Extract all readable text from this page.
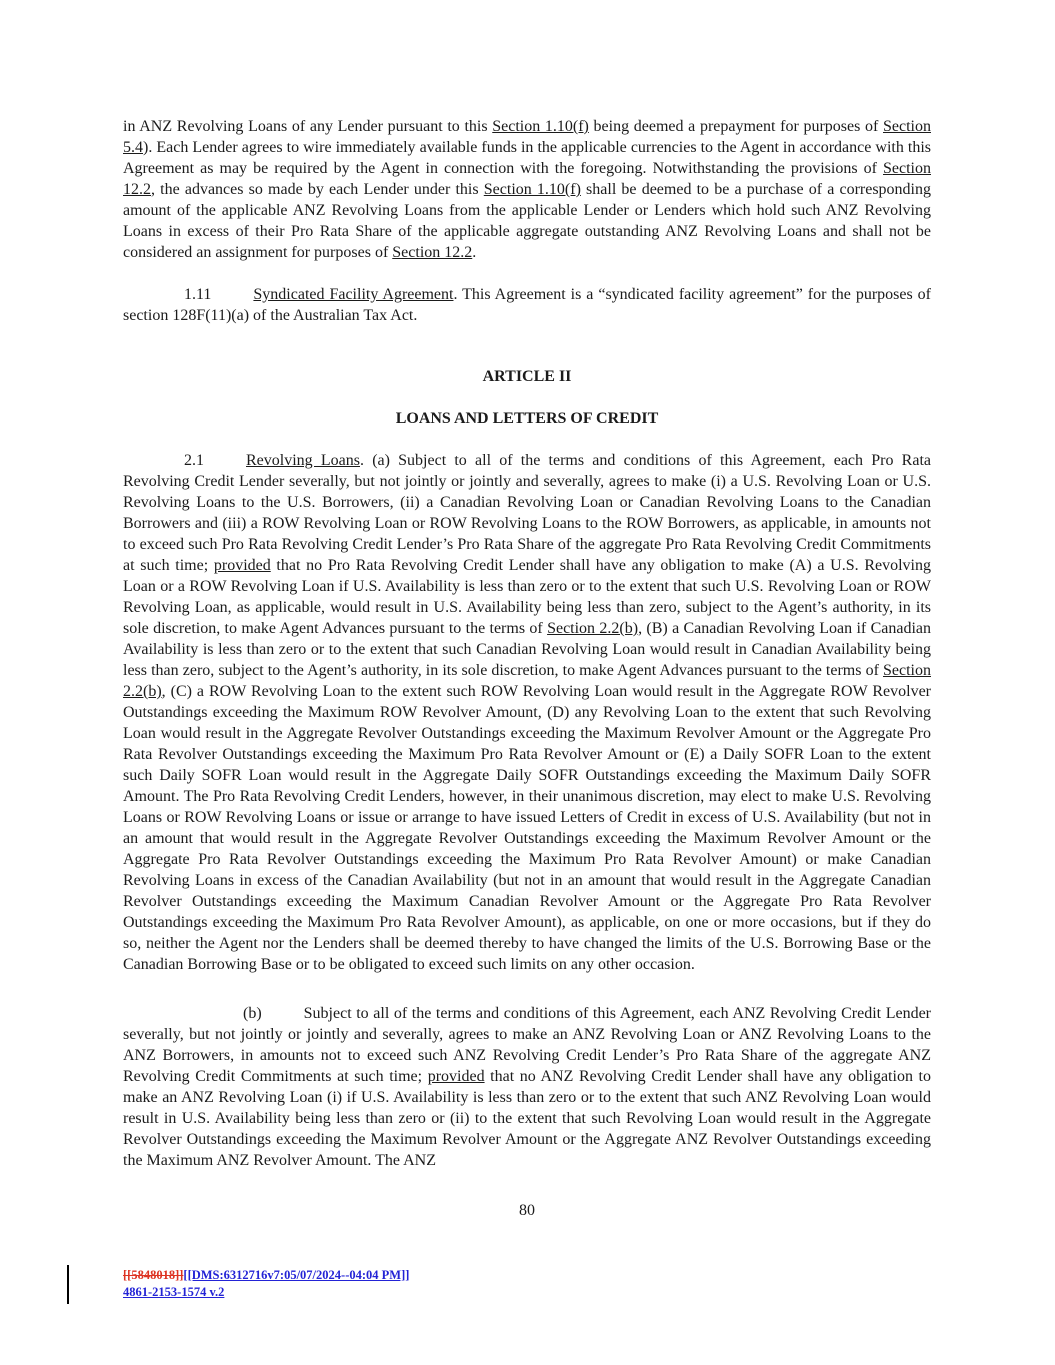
in ANZ Revolving Loans of any Lender pursuant to this Section 1.10(f) being deemed a prepayment for purposes of Section 5.4). Each Lender agrees to wire immediately available funds in the applicable currencies to the Agent in accordance with this Agreement as may be required by the Agent in connection with the foregoing. Notwithstanding the provisions of Section 12.2, the advances so made by each Lender under this Section 1.10(f) shall be deemed to be a purchase of a corresponding amount of the applicable ANZ Revolving Loans from the applicable Lender or Lenders which hold such ANZ Revolving Loans in excess of their Pro Rata Share of the applicable aggregate outstanding ANZ Revolving Loans and shall not be considered an assignment for purposes of Section 12.2.

1.11	Syndicated Facility Agreement. This Agreement is a “syndicated facility agreement” for the purposes of section 128F(11)(a) of the Australian Tax Act.

ARTICLE II
LOANS AND LETTERS OF CREDIT

2.1	Revolving Loans. (a) Subject to all of the terms and conditions of this Agreement, each Pro Rata Revolving Credit Lender severally, but not jointly or jointly and severally, agrees to make (i) a U.S. Revolving Loan or U.S. Revolving Loans to the U.S. Borrowers, (ii) a Canadian Revolving Loan or Canadian Revolving Loans to the Canadian Borrowers and (iii) a ROW Revolving Loan or ROW Revolving Loans to the ROW Borrowers, as applicable, in amounts not to exceed such Pro Rata Revolving Credit Lender’s Pro Rata Share of the aggregate Pro Rata Revolving Credit Commitments at such time; provided that no Pro Rata Revolving Credit Lender shall have any obligation to make (A) a U.S. Revolving Loan or a ROW Revolving Loan if U.S. Availability is less than zero or to the extent that such U.S. Revolving Loan or ROW Revolving Loan, as applicable, would result in U.S. Availability being less than zero, subject to the Agent’s authority, in its sole discretion, to make Agent Advances pursuant to the terms of Section 2.2(b), (B) a Canadian Revolving Loan if Canadian Availability is less than zero or to the extent that such Canadian Revolving Loan would result in Canadian Availability being less than zero, subject to the Agent’s authority, in its sole discretion, to make Agent Advances pursuant to the terms of Section 2.2(b), (C) a ROW Revolving Loan to the extent such ROW Revolving Loan would result in the Aggregate ROW Revolver Outstandings exceeding the Maximum ROW Revolver Amount, (D) any Revolving Loan to the extent that such Revolving Loan would result in the Aggregate Revolver Outstandings exceeding the Maximum Revolver Amount or the Aggregate Pro Rata Revolver Outstandings exceeding the Maximum Pro Rata Revolver Amount or (E) a Daily SOFR Loan to the extent such Daily SOFR Loan would result in the Aggregate Daily SOFR Outstandings exceeding the Maximum Daily SOFR Amount. The Pro Rata Revolving Credit Lenders, however, in their unanimous discretion, may elect to make U.S. Revolving Loans or ROW Revolving Loans or issue or arrange to have issued Letters of Credit in excess of U.S. Availability (but not in an amount that would result in the Aggregate Revolver Outstandings exceeding the Maximum Revolver Amount or the Aggregate Pro Rata Revolver Outstandings exceeding the Maximum Pro Rata Revolver Amount) or make Canadian Revolving Loans in excess of the Canadian Availability (but not in an amount that would result in the Aggregate Canadian Revolver Outstandings exceeding the Maximum Canadian Revolver Amount or the Aggregate Pro Rata Revolver Outstandings exceeding the Maximum Pro Rata Revolver Amount), as applicable, on one or more occasions, but if they do so, neither the Agent nor the Lenders shall be deemed thereby to have changed the limits of the U.S. Borrowing Base or the Canadian Borrowing Base or to be obligated to exceed such limits on any other occasion.

(b)	Subject to all of the terms and conditions of this Agreement, each ANZ Revolving Credit Lender severally, but not jointly or jointly and severally, agrees to make an ANZ Revolving Loan or ANZ Revolving Loans to the ANZ Borrowers, in amounts not to exceed such ANZ Revolving Credit Lender’s Pro Rata Share of the aggregate ANZ Revolving Credit Commitments at such time; provided that no ANZ Revolving Credit Lender shall have any obligation to make an ANZ Revolving Loan (i) if U.S. Availability is less than zero or to the extent that such ANZ Revolving Loan would result in U.S. Availability being less than zero or (ii) to the extent that such Revolving Loan would result in the Aggregate Revolver Outstandings exceeding the Maximum Revolver Amount or the Aggregate ANZ Revolver Outstandings exceeding the Maximum ANZ Revolver Amount. The ANZ

80
[[5848018]][[DMS:6312716v7:05/07/2024--04:04 PM]]
4861-2153-1574 v.2
